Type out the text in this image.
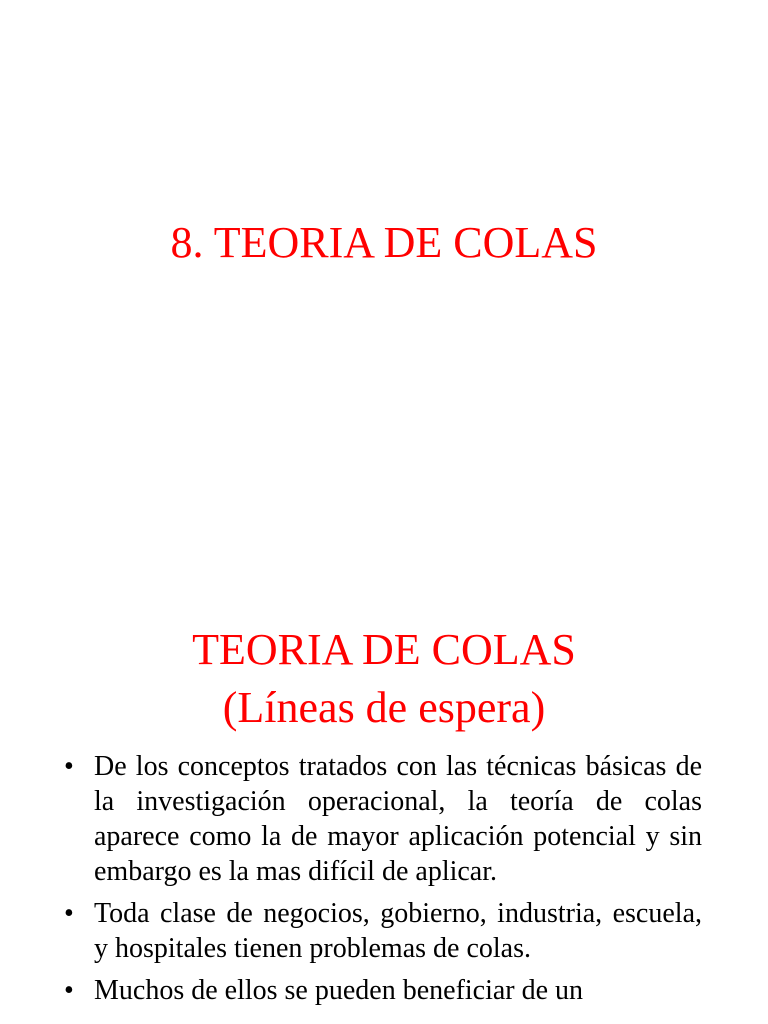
8. TEORIA DE COLAS
TEORIA DE COLAS
(Líneas de espera)
• De los conceptos tratados con las técnicas básicas de la investigación operacional, la teoría de colas aparece como la de mayor aplicación potencial y sin embargo es la mas difícil de aplicar.
• Toda clase de negocios, gobierno, industria, escuela, y hospitales tienen problemas de colas.
• Muchos de ellos se pueden beneficiar de un
